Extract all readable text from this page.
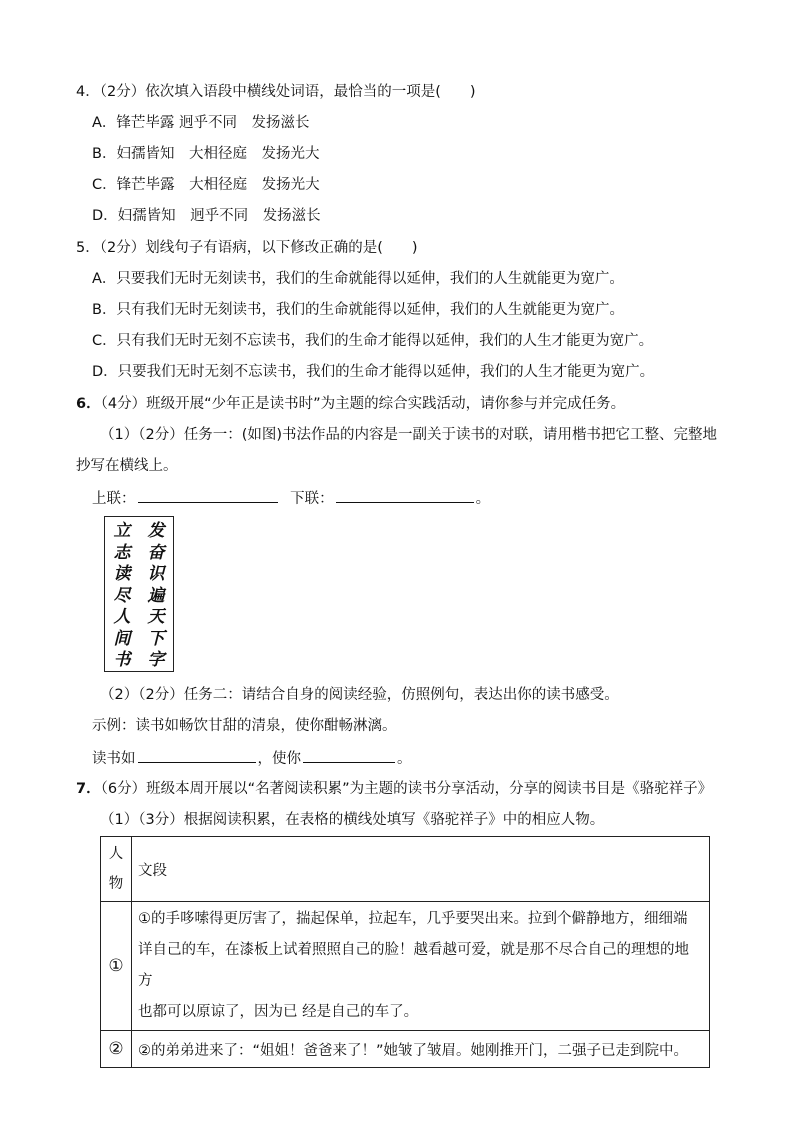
4．（2分）依次填入语段中横线处词语，最恰当的一项是(　　)
A．锋芒毕露 迥乎不同　发扬滋长
B．妇孺皆知　大相径庭　发扬光大
C．锋芒毕露　大相径庭　发扬光大
D．妇孺皆知　迥乎不同　发扬滋长
5．（2分）划线句子有语病，以下修改正确的是(　　)
A．只要我们无时无刻读书，我们的生命就能得以延伸，我们的人生就能更为宽广。
B．只有我们无时无刻读书，我们的生命就能得以延伸，我们的人生就能更为宽广。
C．只有我们无时无刻不忘读书，我们的生命才能得以延伸，我们的人生才能更为宽广。
D．只要我们无时无刻不忘读书，我们的生命才能得以延伸，我们的人生才能更为宽广。
6．（4分）班级开展“少年正是读书时”为主题的综合实践活动，请你参与并完成任务。
（1）（2分）任务一：(如图)书法作品的内容是一副关于读书的对联，请用楷书把它工整、完整地
抄写在横线上。
上联：	下联：	。
立
志
读
尽
人
间
书
发
奋
识
遍
天
下
字
（2）（2分）任务二：请结合自身的阅读经验，仿照例句，表达出你的读书感受。
示例：读书如畅饮甘甜的清泉，使你酣畅淋漓。
读书如	，使你	。
7．（6分）班级本周开展以“名著阅读积累”为主题的读书分享活动，分享的阅读书目是《骆驼祥子》
（1）（3分）根据阅读积累，在表格的横线处填写《骆驼祥子》中的相应人物。
人
物	文段
①	①的手哆嗦得更厉害了，揣起保单，拉起车，几乎要哭出来。拉到个僻静地方，细细端
详自己的车，在漆板上试着照照自己的脸！越看越可爱，就是那不尽合自己的理想的地方
也都可以原谅了，因为已 经是自己的车了。

②	②的弟弟进来了：“姐姐！爸爸来了！”她皱了皱眉。她刚推开门，二强子已走到院中。
